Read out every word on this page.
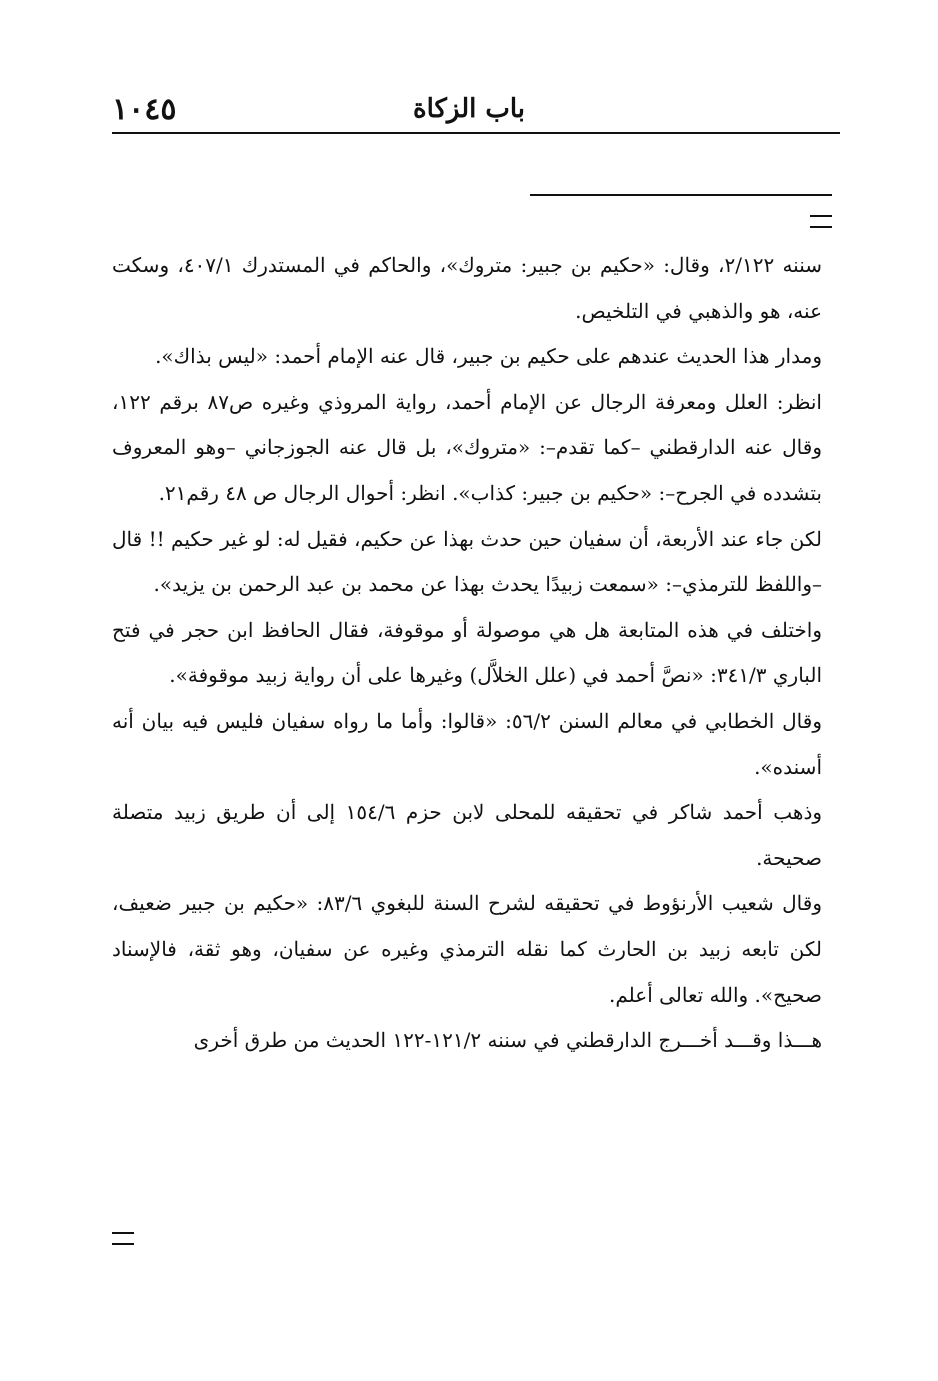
١٠٤٥	باب الزكاة

سننه ٢/١٢٢، وقال: «حكيم بن جبير: متروك»، والحاكم في المستدرك ٤٠٧/١، وسكت عنه، هو والذهبي في التلخيص.

ومدار هذا الحديث عندهم على حكيم بن جبير، قال عنه الإمام أحمد: «ليس بذاك».

انظر: العلل ومعرفة الرجال عن الإمام أحمد، رواية المروذي وغيره ص٨٧ برقم ١٢٢، وقال عنه الدارقطني –كما تقدم–: «متروك»، بل قال عنه الجوزجاني –وهو المعروف بتشدده في الجرح–: «حكيم بن جبير: كذاب». انظر: أحوال الرجال ص ٤٨ رقم٢١.

لكن جاء عند الأربعة، أن سفيان حين حدث بهذا عن حكيم، فقيل له: لو غير حكيم !! قال –واللفظ للترمذي–: «سمعت زبيدًا يحدث بهذا عن محمد بن عبد الرحمن بن يزيد».

واختلف في هذه المتابعة هل هي موصولة أو موقوفة، فقال الحافظ ابن حجر في فتح الباري ٣٤١/٣: «نصَّ أحمد في (علل الخلاَّل) وغيرها على أن رواية زبيد موقوفة».

وقال الخطابي في معالم السنن ٥٦/٢: «قالوا: وأما ما رواه سفيان فليس فيه بيان أنه أسنده».

وذهب أحمد شاكر في تحقيقه للمحلى لابن حزم ١٥٤/٦ إلى أن طريق زبيد متصلة صحيحة.

وقال شعيب الأرنؤوط في تحقيقه لشرح السنة للبغوي ٨٣/٦: «حكيم بن جبير ضعيف، لكن تابعه زبيد بن الحارث كما نقله الترمذي وغيره عن سفيان، وهو ثقة، فالإسناد صحيح». والله تعالى أعلم.

هـــذا وقـــد أخـــرج الدارقطني في سننه ١٢١/٢-١٢٢ الحديث من طرق أخرى
